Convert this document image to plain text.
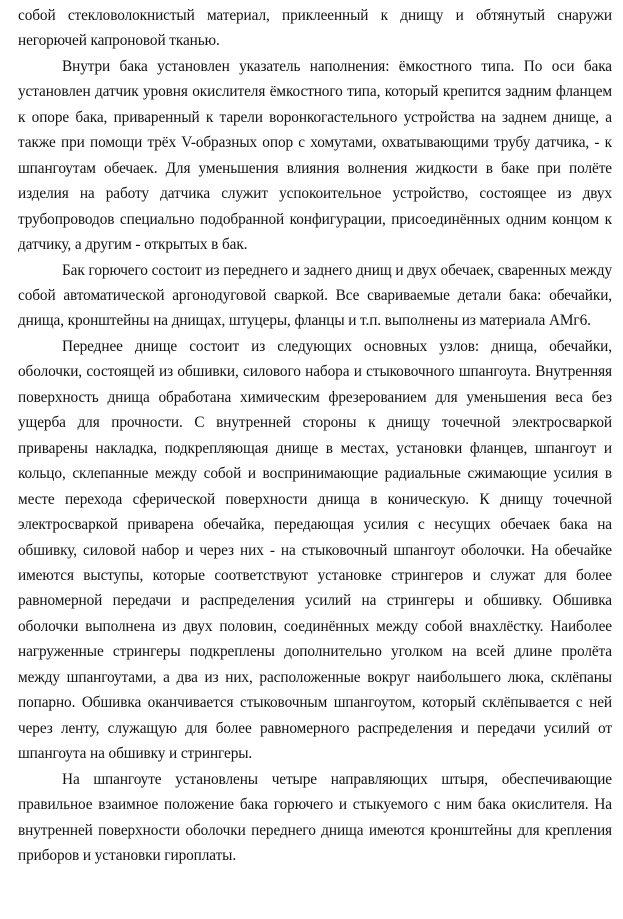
собой стекловолокнистый материал, приклеенный к днищу и обтянутый снаружи негорючей капроновой тканью.

Внутри бака установлен указатель наполнения: ёмкостного типа. По оси бака установлен датчик уровня окислителя ёмкостного типа, который крепится задним фланцем к опоре бака, приваренный к тарели воронкогастельного устройства на заднем днище, а также при помощи трёх V-образных опор с хомутами, охватывающими трубу датчика, - к шпангоутам обечаек. Для уменьшения влияния волнения жидкости в баке при полёте изделия на работу датчика служит успокоительное устройство, состоящее из двух трубопроводов специально подобранной конфигурации, присоединённых одним концом к датчику, а другим - открытых в бак.

Бак горючего состоит из переднего и заднего днищ и двух обечаек, сваренных между собой автоматической аргонодуговой сваркой. Все свариваемые детали бака: обечайки, днища, кронштейны на днищах, штуцеры, фланцы и т.п. выполнены из материала АМг6.

Переднее днище состоит из следующих основных узлов: днища, обечайки, оболочки, состоящей из обшивки, силового набора и стыковочного шпангоута. Внутренняя поверхность днища обработана химическим фрезерованием для уменьшения веса без ущерба для прочности. С внутренней стороны к днищу точечной электросваркой приварены накладка, подкрепляющая днище в местах, установки фланцев, шпангоут и кольцо, склепанные между собой и воспринимающие радиальные сжимающие усилия в месте перехода сферической поверхности днища в коническую. К днищу точечной электросваркой приварена обечайка, передающая усилия с несущих обечаек бака на обшивку, силовой набор и через них - на стыковочный шпангоут оболочки. На обечайке имеются выступы, которые соответствуют установке стрингеров и служат для более равномерной передачи и распределения усилий на стрингеры и обшивку. Обшивка оболочки выполнена из двух половин, соединённых между собой внахлёстку. Наиболее нагруженные стрингеры подкреплены дополнительно уголком на всей длине пролёта между шпангоутами, а два из них, расположенные вокруг наибольшего люка, склёпаны попарно. Обшивка оканчивается стыковочным шпангоутом, который склёпывается с ней через ленту, служащую для более равномерного распределения и передачи усилий от шпангоута на обшивку и стрингеры.

На шпангоуте установлены четыре направляющих штыря, обеспечивающие правильное взаимное положение бака горючего и стыкуемого с ним бака окислителя. На внутренней поверхности оболочки переднего днища имеются кронштейны для крепления приборов и установки гироплаты.
